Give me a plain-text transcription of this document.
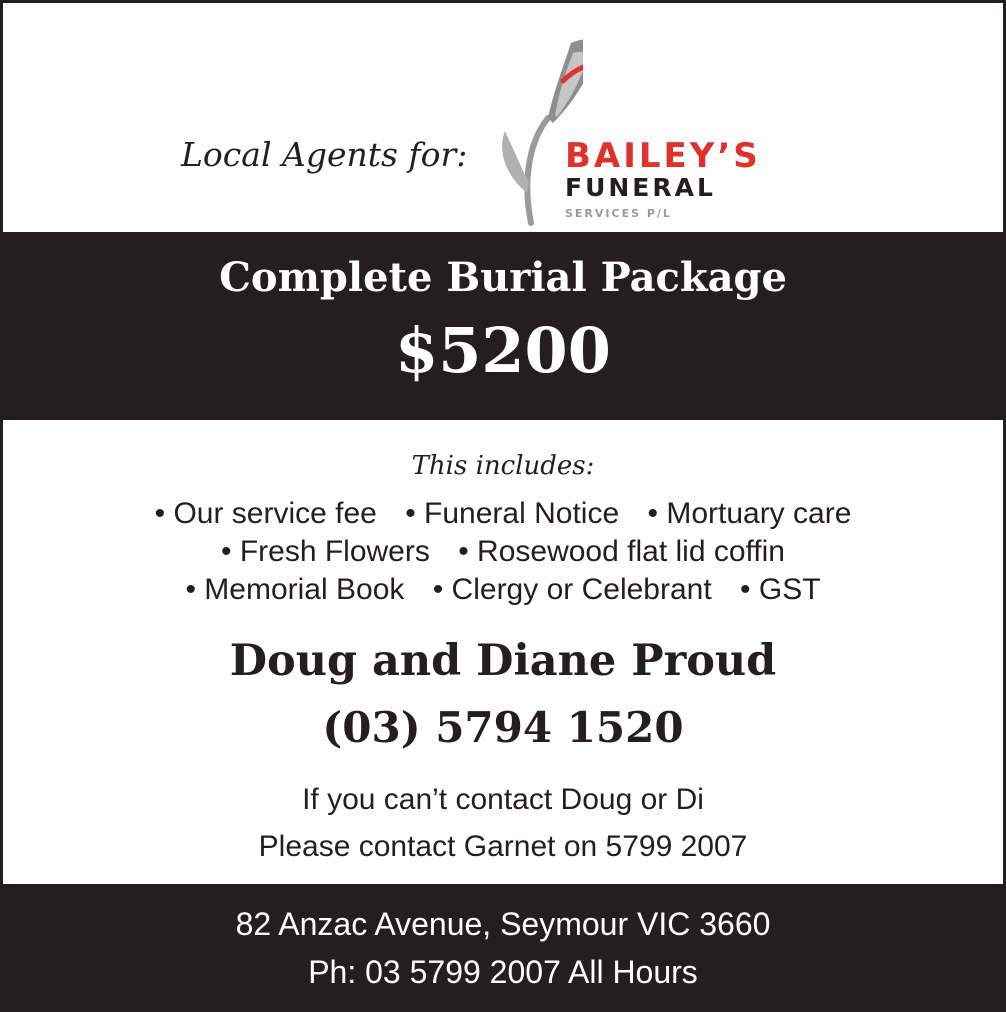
Local Agents for:	BAILEY’S
FUNERAL
SERVICES P/L
Complete Burial Package
$5200
This includes:
• Our service fee • Funeral Notice • Mortuary care
• Fresh Flowers • Rosewood flat lid coffin
• Memorial Book • Clergy or Celebrant • GST
Doug and Diane Proud
(03) 5794 1520
If you can’t contact Doug or Di
Please contact Garnet on 5799 2007
82 Anzac Avenue, Seymour VIC 3660
Ph: 03 5799 2007 All Hours
